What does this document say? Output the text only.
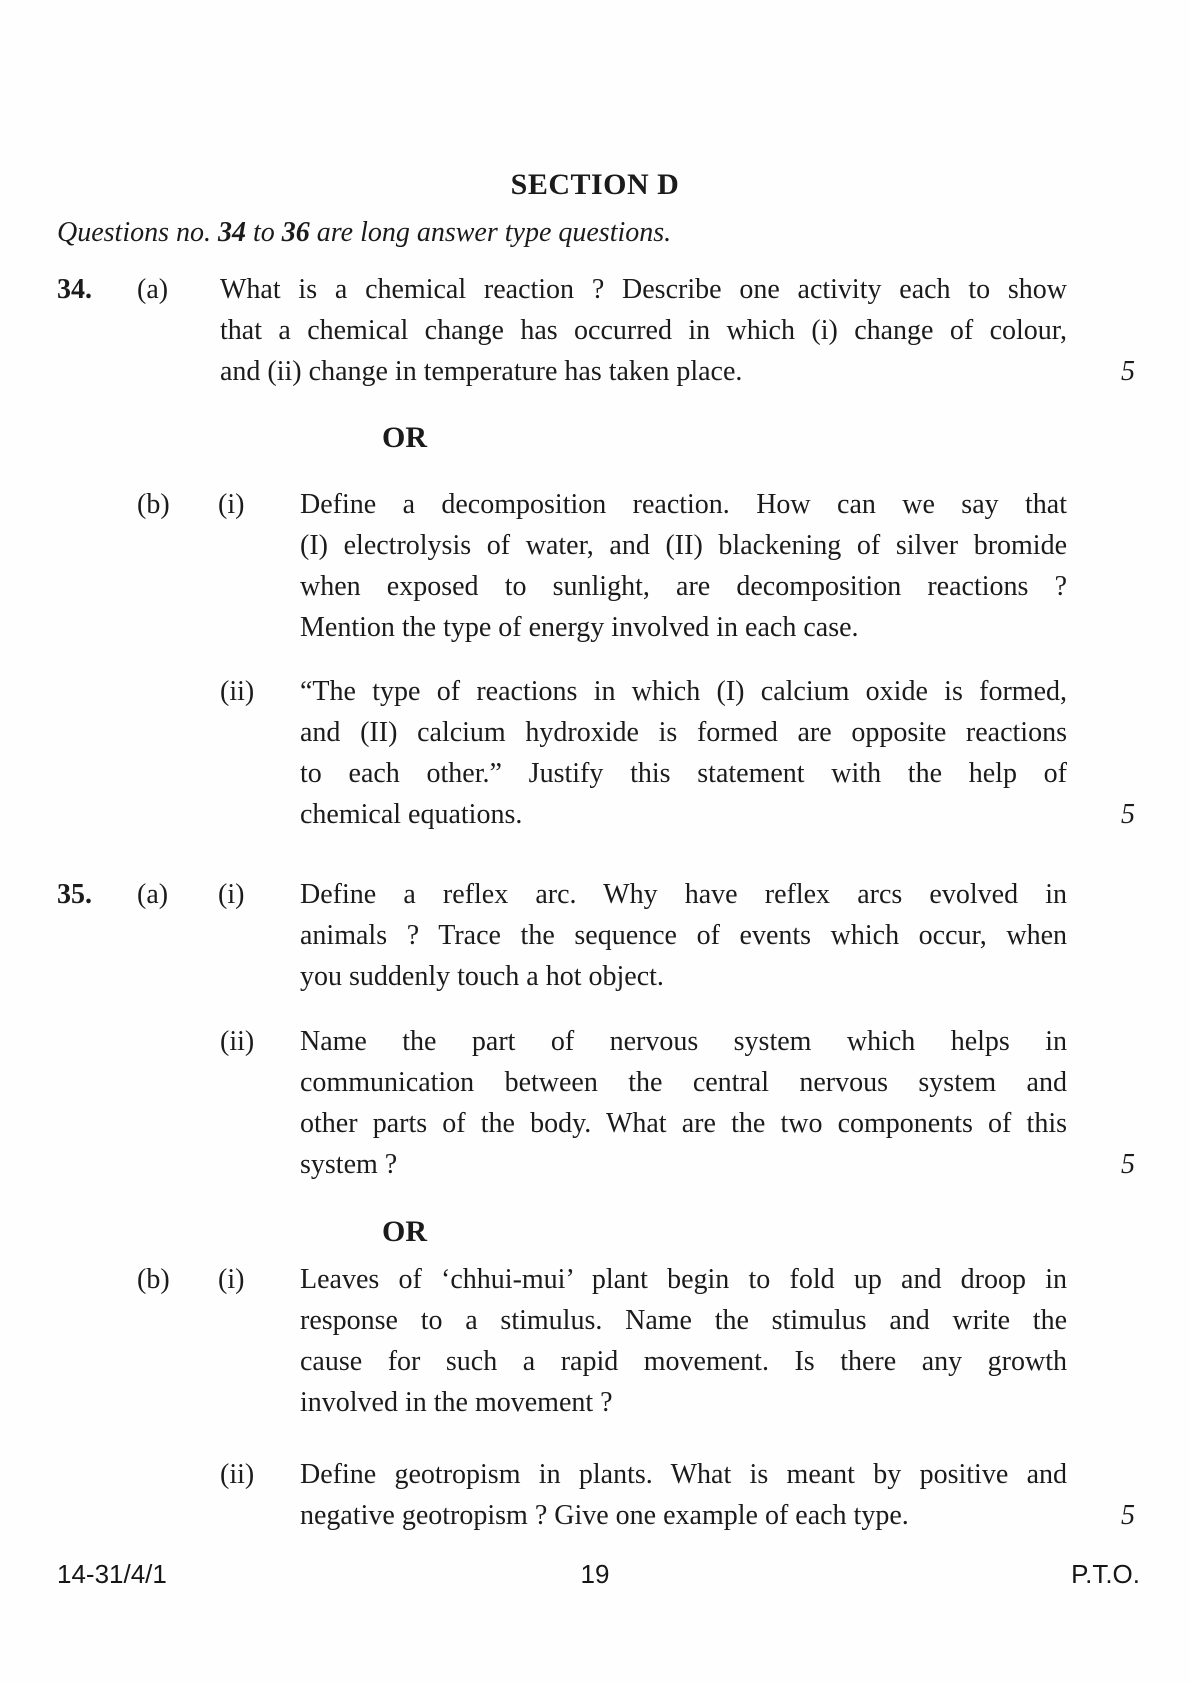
SECTION D
Questions no. 34 to 36 are long answer type questions.
34. (a) What is a chemical reaction ? Describe one activity each to show
that a chemical change has occurred in which (i) change of colour,
and (ii) change in temperature has taken place.	5
OR
(b) (i) Define a decomposition reaction. How can we say that
(I) electrolysis of water, and (II) blackening of silver bromide
when exposed to sunlight, are decomposition reactions ?
Mention the type of energy involved in each case.
(ii) “The type of reactions in which (I) calcium oxide is formed,
and (II) calcium hydroxide is formed are opposite reactions
to each other.” Justify this statement with the help of
chemical equations.	5
35. (a) (i) Define a reflex arc. Why have reflex arcs evolved in
animals ? Trace the sequence of events which occur, when
you suddenly touch a hot object.
(ii) Name the part of nervous system which helps in
communication between the central nervous system and
other parts of the body. What are the two components of this
system ?	5
OR
(b) (i) Leaves of ‘chhui-mui’ plant begin to fold up and droop in
response to a stimulus. Name the stimulus and write the
cause for such a rapid movement. Is there any growth
involved in the movement ?
(ii) Define geotropism in plants. What is meant by positive and
negative geotropism ? Give one example of each type.	5
14-31/4/1	19	P.T.O.
